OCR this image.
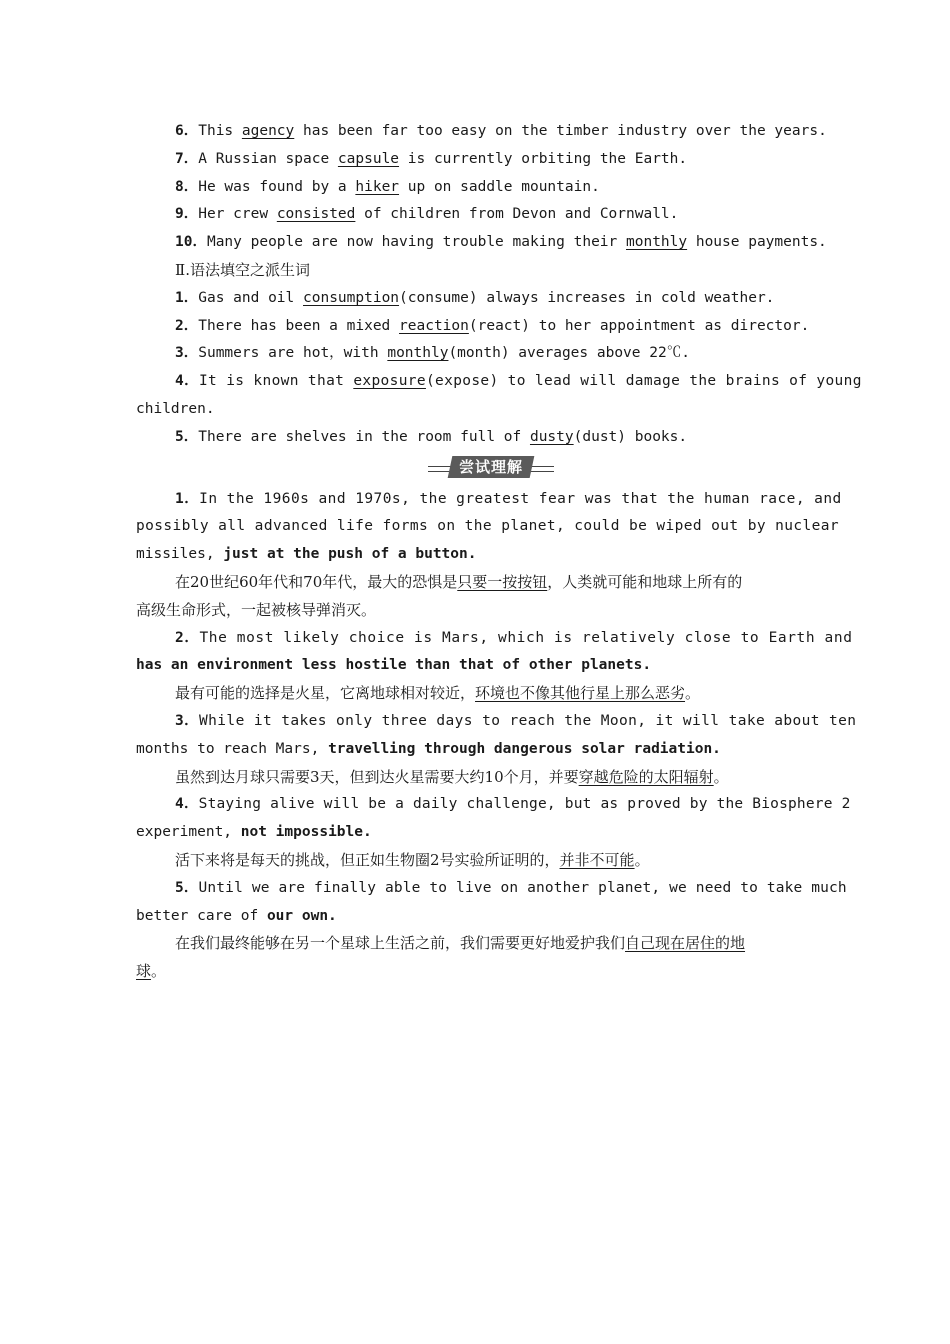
6．This agency has been far too easy on the timber industry over the years.
7．A Russian space capsule is currently orbiting the Earth.
8．He was found by a hiker up on saddle mountain.
9．Her crew consisted of children from Devon and Cornwall.
10．Many people are now having trouble making their monthly house payments.
Ⅱ.语法填空之派生词
1．Gas and oil consumption(consume) always increases in cold weather.
2．There has been a mixed reaction(react) to her appointment as director.
3．Summers are hot，with monthly(month) averages above 22℃.
4．It is known that exposure(expose) to lead will damage the brains of young
children.
5．There are shelves in the room full of dusty(dust) books.
尝试理解
1．In the 1960s and 1970s, the greatest fear was that the human race, and
possibly all advanced life forms on the planet, could be wiped out by nuclear
missiles, just at the push of a button.
在20世纪60年代和70年代，最大的恐惧是只要一按按钮，人类就可能和地球上所有的
高级生命形式，一起被核导弹消灭。
2．The most likely choice is Mars, which is relatively close to Earth and
has an environment less hostile than that of other planets.
最有可能的选择是火星，它离地球相对较近，环境也不像其他行星上那么恶劣。
3．While it takes only three days to reach the Moon, it will take about ten
months to reach Mars, travelling through dangerous solar radiation.
虽然到达月球只需要3天，但到达火星需要大约10个月，并要穿越危险的太阳辐射。
4．Staying alive will be a daily challenge, but as proved by the Biosphere 2
experiment, not impossible.
活下来将是每天的挑战，但正如生物圈2号实验所证明的，并非不可能。
5．Until we are finally able to live on another planet, we need to take much
better care of our own.
在我们最终能够在另一个星球上生活之前，我们需要更好地爱护我们自己现在居住的地
球。
